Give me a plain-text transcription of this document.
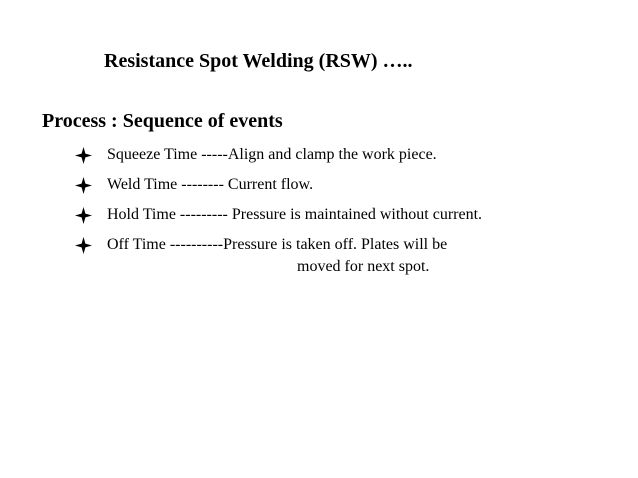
Resistance Spot Welding (RSW) …..
Process : Sequence of events
Squeeze Time -----Align and clamp the work piece.
Weld Time -------- Current flow.
Hold Time --------- Pressure is maintained without current.
Off Time ----------Pressure is taken off. Plates will be
moved for next spot.
